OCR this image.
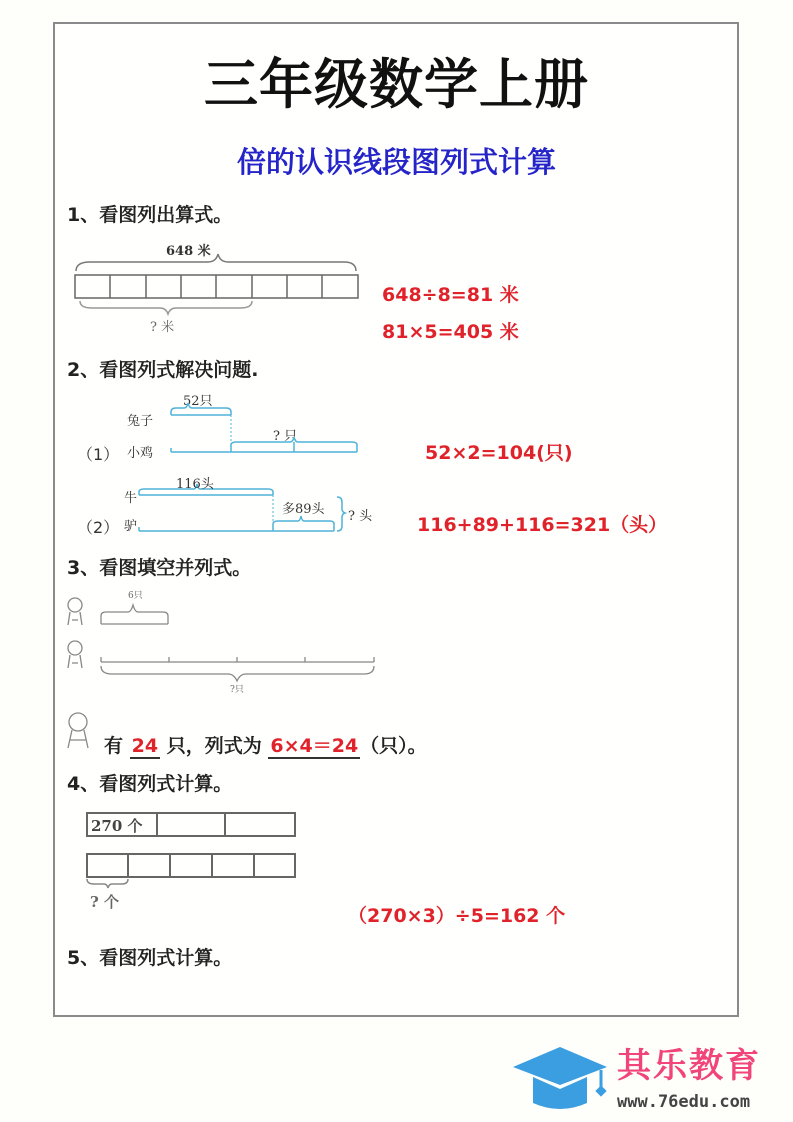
三年级数学上册
倍的认识线段图列式计算
1、看图列出算式。
648 米
? 米
648÷8=81 米
81×5=405 米
2、看图列式解决问题.
52只
兔子
（1） 小鸡
? 只
52×2=104(只)
116头
牛
多89头 ? 头
（2） 驴	116+89+116=321（头）
3、看图填空并列式。
6只
?只
有 24 只，列式为 6×4＝24 （只）。
4、看图列式计算。
270 个
? 个
（270×3）÷5=162 个
5、看图列式计算。
其乐教育
www.76edu.com
